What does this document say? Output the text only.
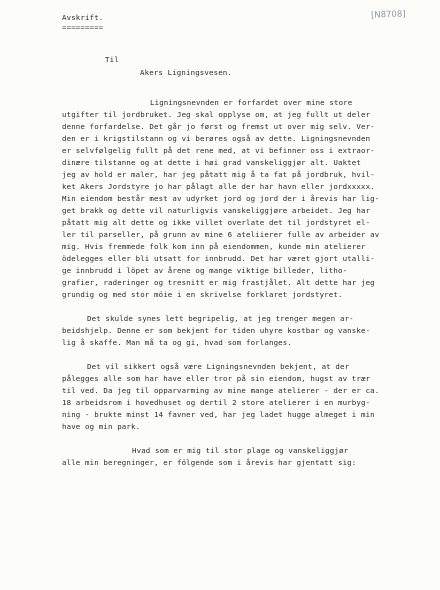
Avskrift.
=========
[N8708]
Til
Akers Ligningsvesen.
Ligningsnevnden er forfardet over mine store
utgifter til jordbruket. Jeg skal opplyse om, at jeg fullt ut deler
denne forfardelse. Det går jo først og fremst ut over mig selv. Ver-
den er i krigstilstann og vi berøres også av dette. Ligningsnevnden
er selvfølgelig fullt på det rene med, at vi befinner oss i extraor-
dinære tilstanne og at dette i høi grad vanskeliggjør alt. Uaktet
jeg av hold er maler, har jeg påtatt mig å ta fat på jordbruk, hvil-
ket Akers Jordstyre jo har pålagt alle der har havn eller jordxxxxx.
Min eiendom består mest av udyrket jord og jord der i årevis har lig-
get brakk og dette vil naturligvis vanskeliggjøre arbeidet. Jeg har
påtatt mig alt dette og ikke villet overlate det til jordstyret el-
ler til parseller, på grunn av mine 6 ateliierer fulle av arbeider av
mig. Hvis fremmede folk kom inn på eiendommen, kunde min atelierer
ödelegges eller bli utsatt for innbrudd. Det har været gjort utalli-
ge innbrudd i löpet av årene og mange viktige billeder, litho-
grafier, raderinger og tresnitt er mig frastjålet. Alt dette har jeg
grundig og med stor möie i en skrivelse forklaret jordstyret.
Det skulde synes lett begripelig, at jeg trenger megen ar-
beidshjelp. Denne er som bekjent for tiden uhyre kostbar og vanske-
lig å skaffe. Man må ta og gi, hvad som forlanges.
Det vil sikkert også være Ligningsnevnden bekjent, at der
pålegges alle som har have eller tror på sin eiendom, hugst av trær
til ved. Da jeg til opparvarming av mine mange atelierer - der er ca.
18 arbeidsrom i hovedhuset og dertil 2 store atelierer i en murbyg-
ning - brukte minst 14 favner ved, har jeg ladet hugge almeget i min
have og min park.
Hvad som er mig til stor plage og vanskeliggjør
alle min beregninger, er fölgende som i årevis har gjentatt sig:
